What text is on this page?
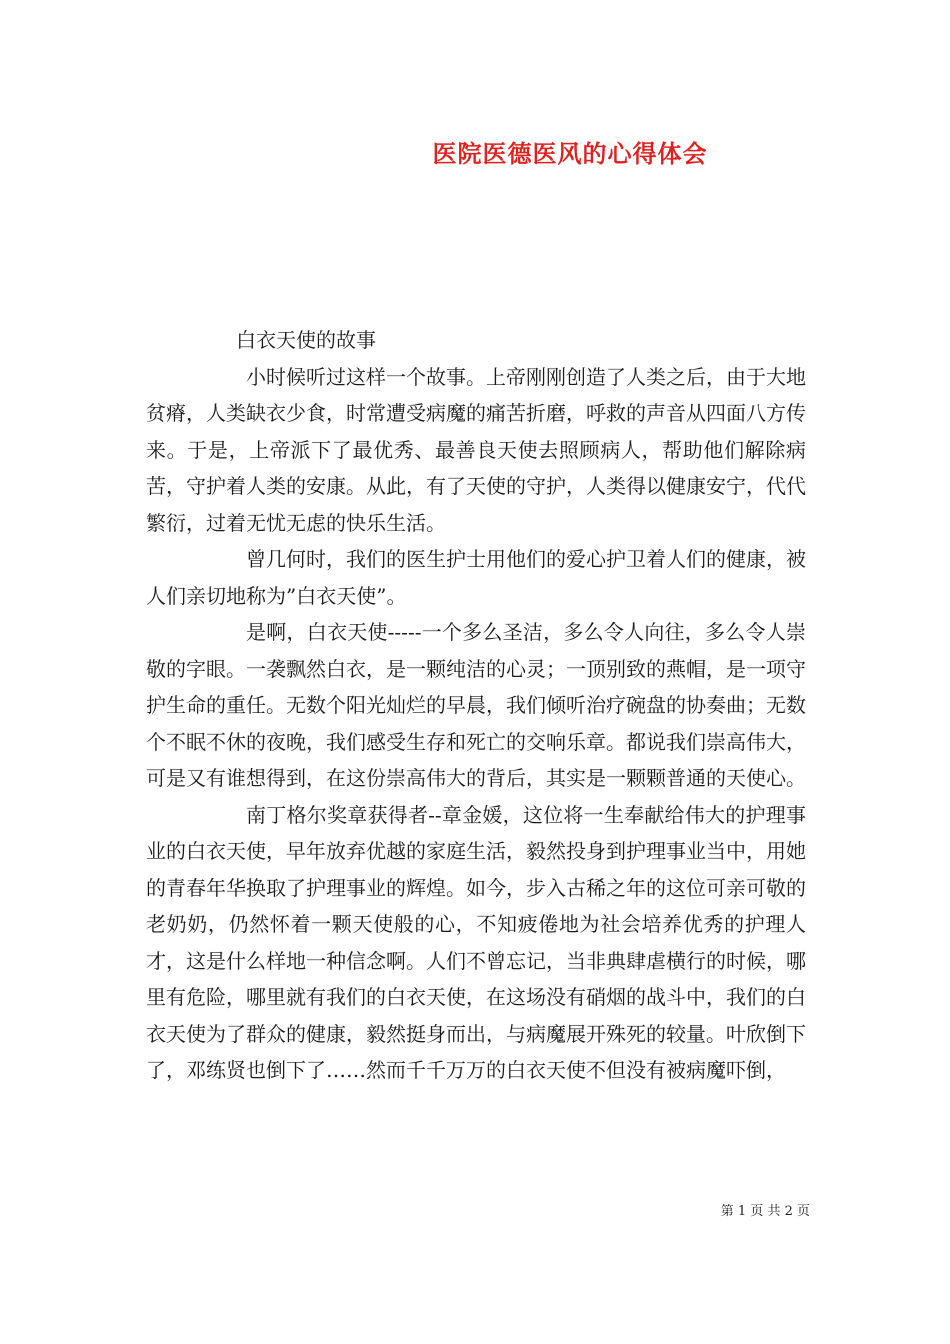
医院医德医风的心得体会

白衣天使的故事

小时候听过这样一个故事。上帝刚刚创造了人类之后，由于大地贫瘠，人类缺衣少食，时常遭受病魔的痛苦折磨，呼救的声音从四面八方传来。于是，上帝派下了最优秀、最善良天使去照顾病人，帮助他们解除病苦，守护着人类的安康。从此，有了天使的守护，人类得以健康安宁，代代繁衍，过着无忧无虑的快乐生活。

曾几何时，我们的医生护士用他们的爱心护卫着人们的健康，被人们亲切地称为”白衣天使”。

是啊，白衣天使-----一个多么圣洁，多么令人向往，多么令人崇敬的字眼。一袭飘然白衣，是一颗纯洁的心灵；一顶别致的燕帽，是一项守护生命的重任。无数个阳光灿烂的早晨，我们倾听治疗碗盘的协奏曲；无数个不眠不休的夜晚，我们感受生存和死亡的交响乐章。都说我们崇高伟大，可是又有谁想得到，在这份崇高伟大的背后，其实是一颗颗普通的天使心。

南丁格尔奖章获得者--章金媛，这位将一生奉献给伟大的护理事业的白衣天使，早年放弃优越的家庭生活，毅然投身到护理事业当中，用她的青春年华换取了护理事业的辉煌。如今，步入古稀之年的这位可亲可敬的老奶奶，仍然怀着一颗天使般的心，不知疲倦地为社会培养优秀的护理人才，这是什么样地一种信念啊。人们不曾忘记，当非典肆虐横行的时候，哪里有危险，哪里就有我们的白衣天使，在这场没有硝烟的战斗中，我们的白衣天使为了群众的健康，毅然挺身而出，与病魔展开殊死的较量。叶欣倒下了，邓练贤也倒下了……然而千千万万的白衣天使不但没有被病魔吓倒，

第 1 页 共 2 页
